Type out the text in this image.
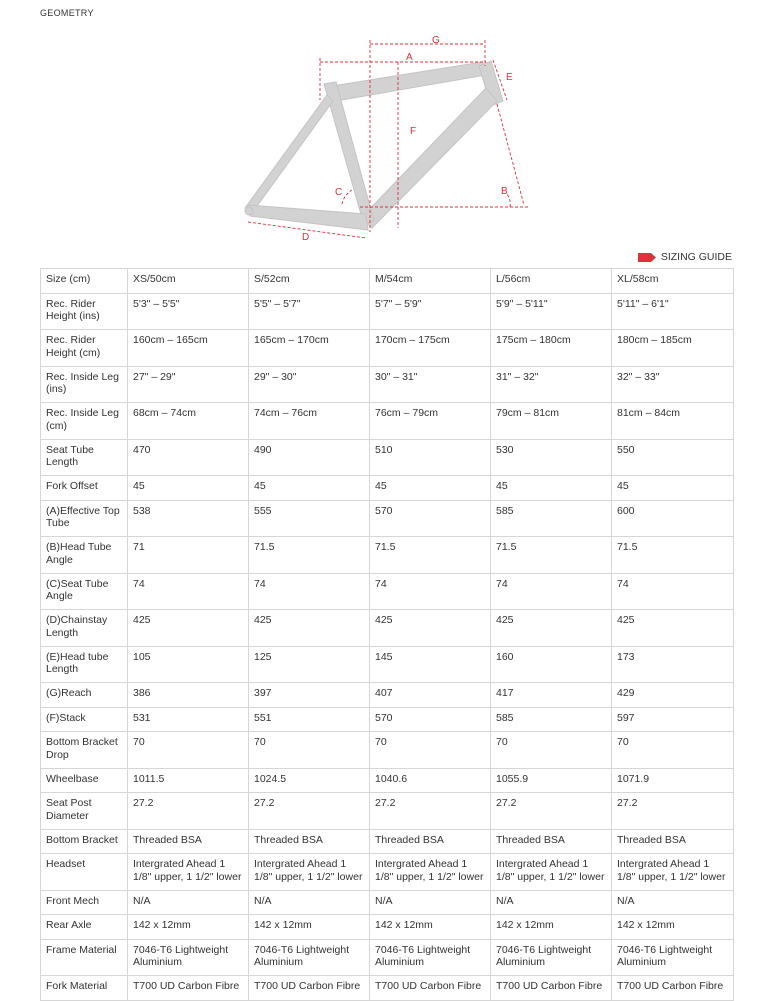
GEOMETRY
G
A
E
F
C	B
D
SIZING GUIDE
Size (cm)	XS/50cm	S/52cm	M/54cm	L/56cm	XL/58cm
Rec. Rider Height (ins)	5'3" – 5'5"	5'5" – 5'7"	5'7" – 5'9"	5'9" – 5'11"	5'11" – 6'1"
Rec. Rider Height (cm)	160cm – 165cm	165cm – 170cm	170cm – 175cm	175cm – 180cm	180cm – 185cm
Rec. Inside Leg (ins)	27" – 29"	29" – 30"	30" – 31"	31" – 32"	32" – 33"
Rec. Inside Leg (cm)	68cm – 74cm	74cm – 76cm	76cm – 79cm	79cm – 81cm	81cm – 84cm
Seat Tube Length	470	490	510	530	550
Fork Offset	45	45	45	45	45
(A)Effective Top Tube	538	555	570	585	600
(B)Head Tube Angle	71	71.5	71.5	71.5	71.5
(C)Seat Tube Angle	74	74	74	74	74
(D)Chainstay Length	425	425	425	425	425
(E)Head tube Length	105	125	145	160	173
(G)Reach	386	397	407	417	429
(F)Stack	531	551	570	585	597
Bottom Bracket Drop	70	70	70	70	70
Wheelbase	1011.5	1024.5	1040.6	1055.9	1071.9
Seat Post Diameter	27.2	27.2	27.2	27.2	27.2
Bottom Bracket	Threaded BSA	Threaded BSA	Threaded BSA	Threaded BSA	Threaded BSA
Headset	Intergrated Ahead 1 1/8" upper, 1 1/2" lower	Intergrated Ahead 1 1/8" upper, 1 1/2" lower	Intergrated Ahead 1 1/8" upper, 1 1/2" lower	Intergrated Ahead 1 1/8" upper, 1 1/2" lower	Intergrated Ahead 1 1/8" upper, 1 1/2" lower
Front Mech	N/A	N/A	N/A	N/A	N/A
Rear Axle	142 x 12mm	142 x 12mm	142 x 12mm	142 x 12mm	142 x 12mm
Frame Material	7046-T6 Lightweight Aluminium	7046-T6 Lightweight Aluminium	7046-T6 Lightweight Aluminium	7046-T6 Lightweight Aluminium	7046-T6 Lightweight Aluminium
Fork Material	T700 UD Carbon Fibre	T700 UD Carbon Fibre	T700 UD Carbon Fibre	T700 UD Carbon Fibre	T700 UD Carbon Fibre
